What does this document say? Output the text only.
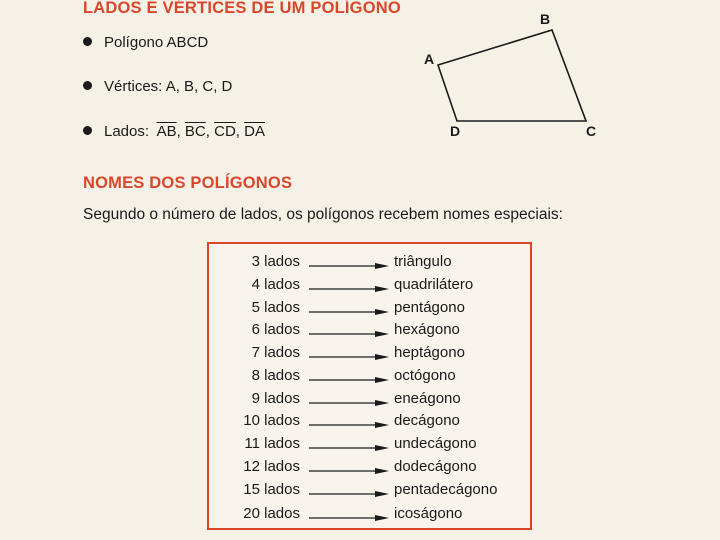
LADOS E VÉRTICES DE UM POLÍGONO
Polígono ABCD
Vértices: A, B, C, D
Lados: $\overline{AB}$, $\overline{BC}$, $\overline{CD}$, $\overline{DA}$
A
B
C
D
NOMES DOS POLÍGONOS
Segundo o número de lados, os polígonos recebem nomes especiais:
3 lados	triângulo
4 lados	quadrilátero
5 lados	pentágono
6 lados	hexágono
7 lados	heptágono
8 lados	octógono
9 lados	eneágono
10 lados	decágono
11 lados	undecágono
12 lados	dodecágono
15 lados	pentadecágono
20 lados	icoságono
